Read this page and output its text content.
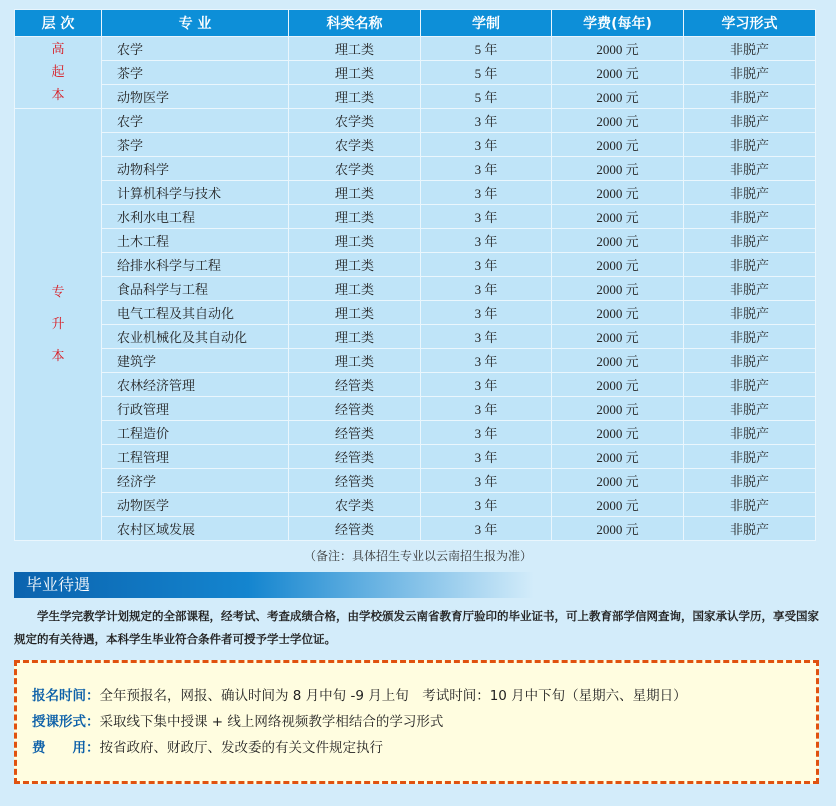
层 次	专 业	科类名称	学制	学费(每年)	学习形式
高起本	农学	理工类	5 年	2000 元	非脱产
	茶学	理工类	5 年	2000 元	非脱产
	动物医学	理工类	5 年	2000 元	非脱产
专升本	农学	农学类	3 年	2000 元	非脱产
	茶学	农学类	3 年	2000 元	非脱产
	动物科学	农学类	3 年	2000 元	非脱产
	计算机科学与技术	理工类	3 年	2000 元	非脱产
	水利水电工程	理工类	3 年	2000 元	非脱产
	土木工程	理工类	3 年	2000 元	非脱产
	给排水科学与工程	理工类	3 年	2000 元	非脱产
	食品科学与工程	理工类	3 年	2000 元	非脱产
	电气工程及其自动化	理工类	3 年	2000 元	非脱产
	农业机械化及其自动化	理工类	3 年	2000 元	非脱产
	建筑学	理工类	3 年	2000 元	非脱产
	农林经济管理	经管类	3 年	2000 元	非脱产
	行政管理	经管类	3 年	2000 元	非脱产
	工程造价	经管类	3 年	2000 元	非脱产
	工程管理	经管类	3 年	2000 元	非脱产
	经济学	经管类	3 年	2000 元	非脱产
	动物医学	农学类	3 年	2000 元	非脱产
	农村区域发展	经管类	3 年	2000 元	非脱产
（备注：具体招生专业以云南招生报为准）
毕业待遇
　　学生学完教学计划规定的全部课程，经考试、考查成绩合格，由学校颁发云南省教育厅验印的毕业证书，可上教育部学信网查询，国家承认学历，享受国家规定的有关待遇，本科学生毕业符合条件者可授予学士学位证。
报名时间：全年预报名，网报、确认时间为 8 月中旬 -9 月上旬　考试时间：10 月中下旬（星期六、星期日）
授课形式：采取线下集中授课 + 线上网络视频教学相结合的学习形式
费　　用：按省政府、财政厅、发改委的有关文件规定执行
